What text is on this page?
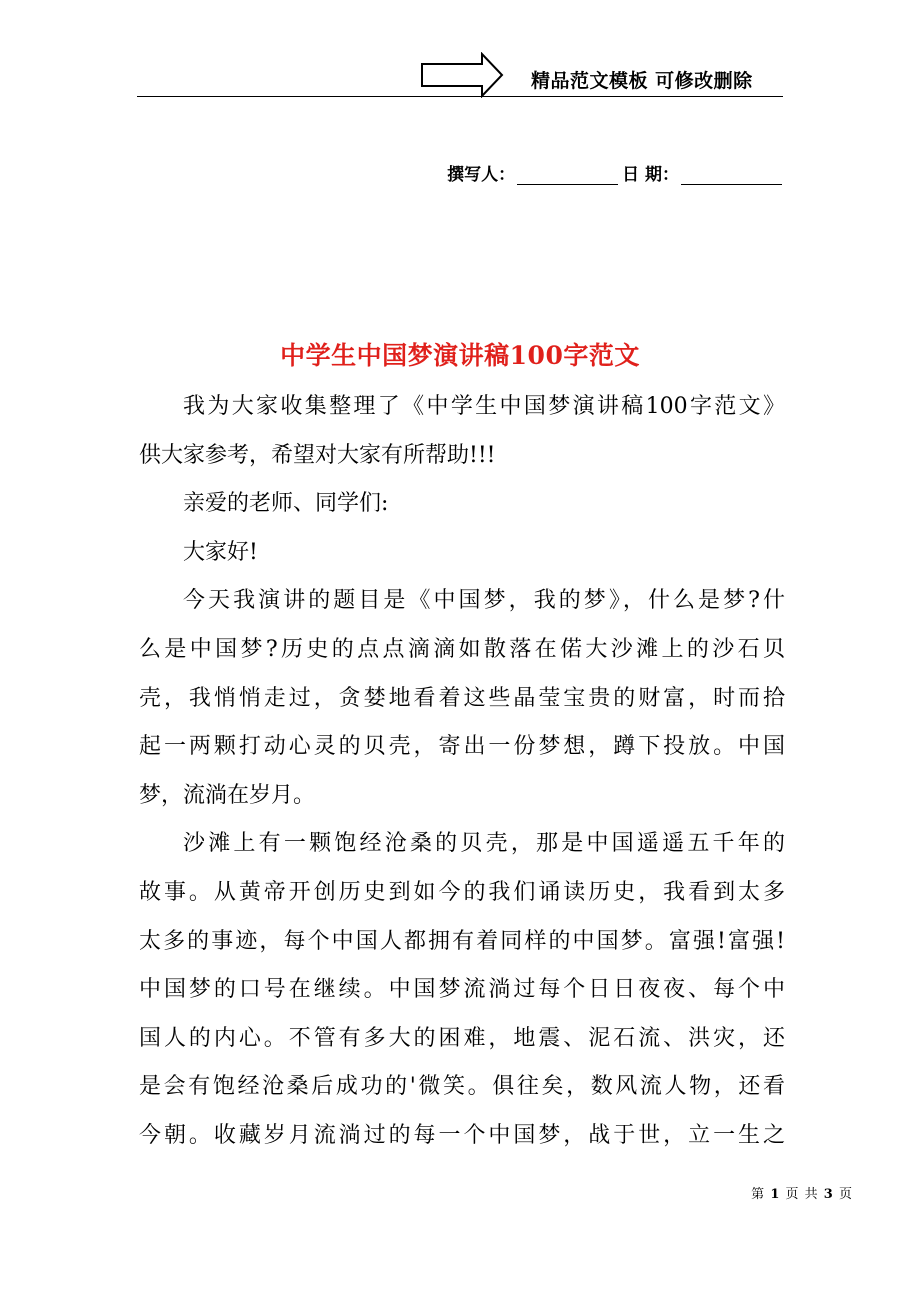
精品范文模板 可修改删除
撰写人：	日 期：
中学生中国梦演讲稿100字范文

我为大家收集整理了《中学生中国梦演讲稿100字范文》

供大家参考，希望对大家有所帮助!!!

亲爱的老师、同学们:

大家好!

今天我演讲的题目是《中国梦，我的梦》，什么是梦?什

么是中国梦?历史的点点滴滴如散落在偌大沙滩上的沙石贝

壳，我悄悄走过，贪婪地看着这些晶莹宝贵的财富，时而拾

起一两颗打动心灵的贝壳，寄出一份梦想，蹲下投放。中国

梦，流淌在岁月。

沙滩上有一颗饱经沧桑的贝壳，那是中国遥遥五千年的

故事。从黄帝开创历史到如今的我们诵读历史，我看到太多

太多的事迹，每个中国人都拥有着同样的中国梦。富强!富强!

中国梦的口号在继续。中国梦流淌过每个日日夜夜、每个中

国人的内心。不管有多大的困难，地震、泥石流、洪灾，还

是会有饱经沧桑后成功的'微笑。俱往矣，数风流人物，还看

今朝。收藏岁月流淌过的每一个中国梦，战于世，立一生之

第 1 页 共 3 页
